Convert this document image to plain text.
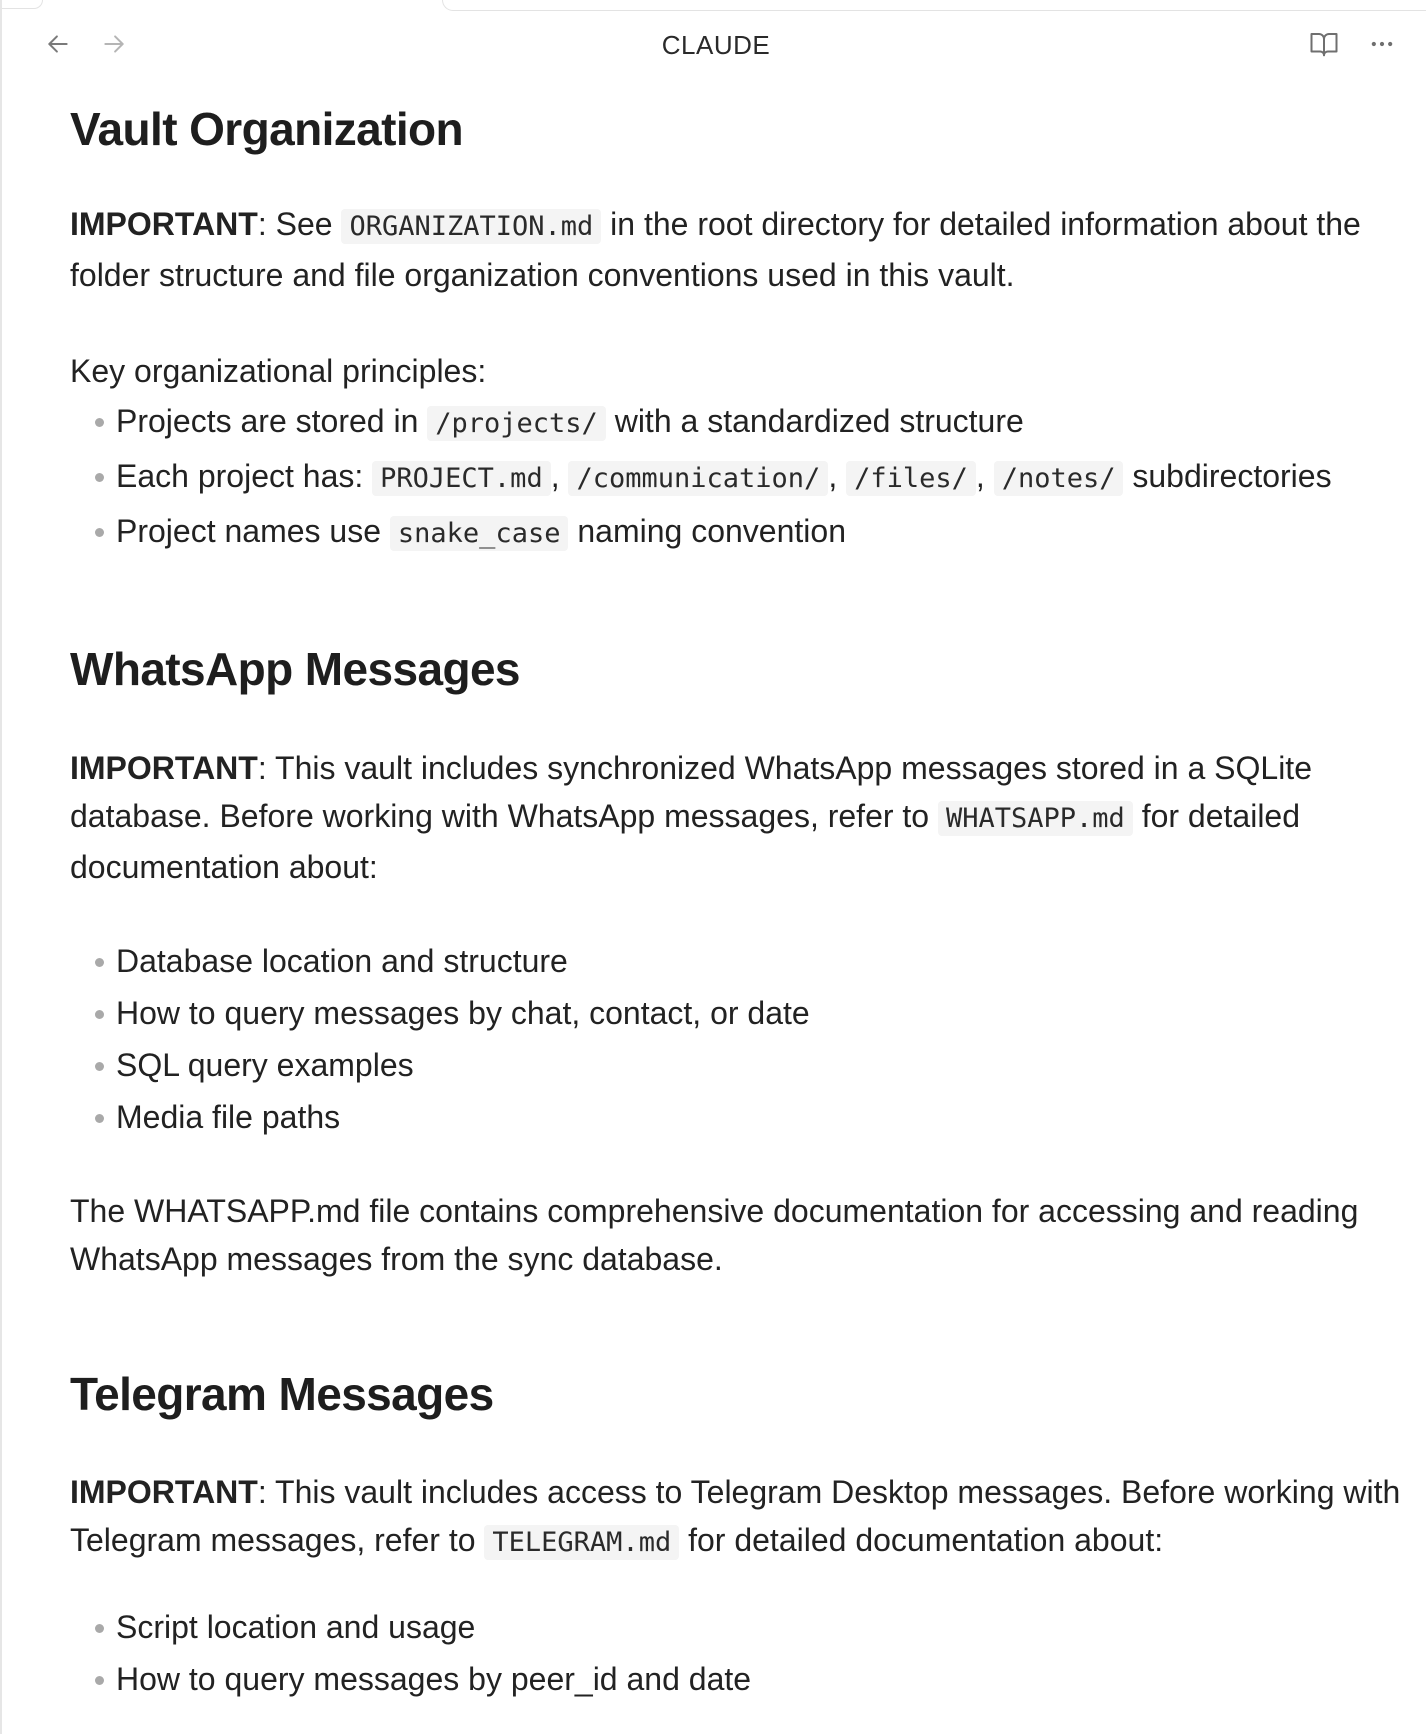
CLAUDE
Vault Organization

IMPORTANT: See ORGANIZATION.md in the root directory for detailed information about the folder structure and file organization conventions used in this vault.

Key organizational principles:

Projects are stored in /projects/ with a standardized structure
Each project has: PROJECT.md , /communication/ , /files/ , /notes/ subdirectories
Project names use snake_case naming convention
WhatsApp Messages

IMPORTANT: This vault includes synchronized WhatsApp messages stored in a SQLite database. Before working with WhatsApp messages, refer to WHATSAPP.md for detailed documentation about:

Database location and structure
How to query messages by chat, contact, or date
SQL query examples
Media file paths

The WHATSAPP.md file contains comprehensive documentation for accessing and reading WhatsApp messages from the sync database.

Telegram Messages

IMPORTANT: This vault includes access to Telegram Desktop messages. Before working with Telegram messages, refer to TELEGRAM.md for detailed documentation about:

Script location and usage
How to query messages by peer_id and date
